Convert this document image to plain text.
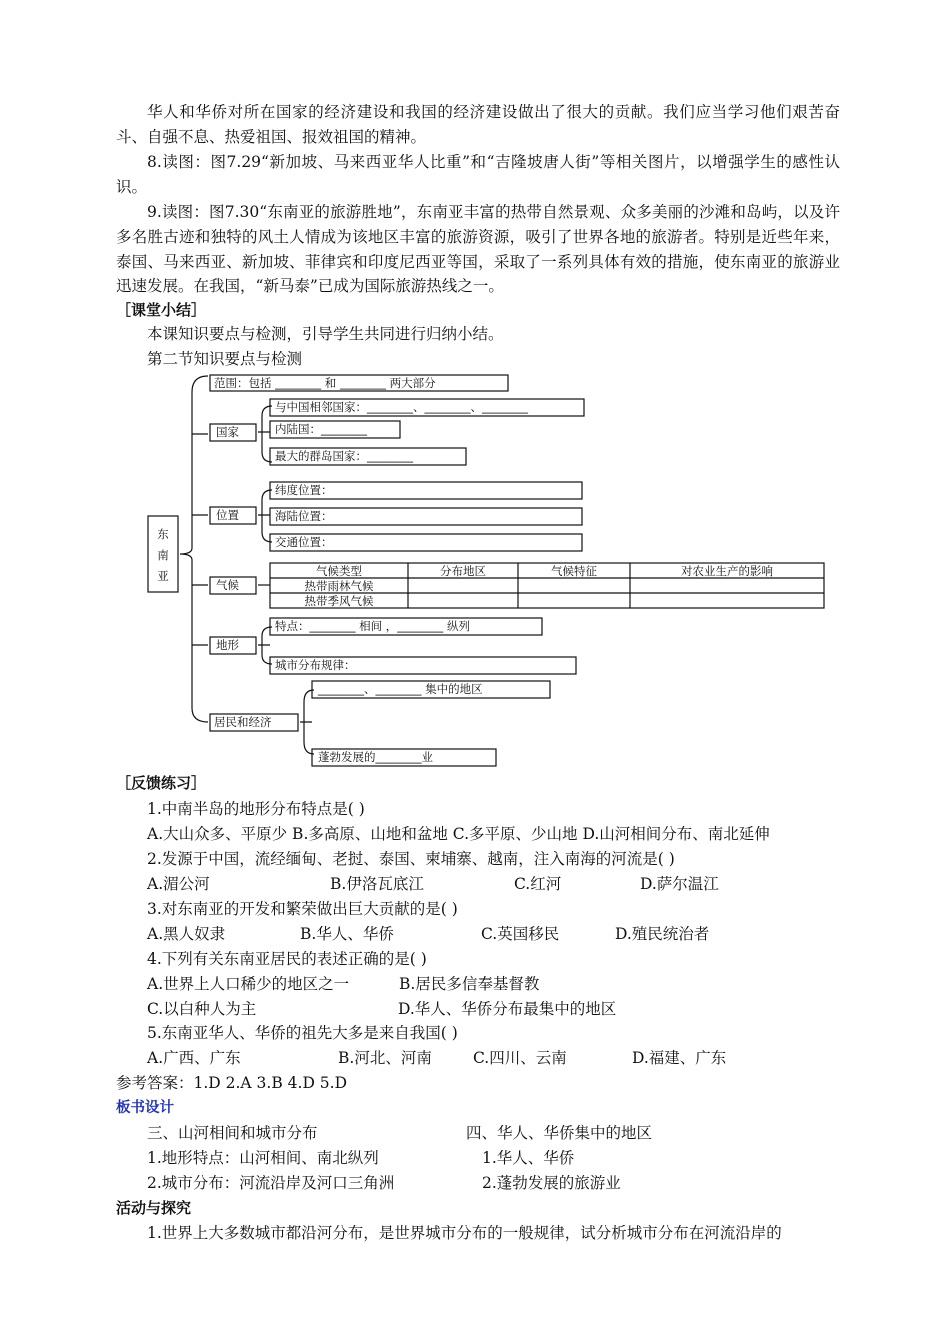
华人和华侨对所在国家的经济建设和我国的经济建设做出了很大的贡献。我们应当学习他们艰苦奋斗、自强不息、热爱祖国、报效祖国的精神。
8.读图：图7.29“新加坡、马来西亚华人比重”和“吉隆坡唐人街”等相关图片，以增强学生的感性认识。
9.读图：图7.30“东南亚的旅游胜地”，东南亚丰富的热带自然景观、众多美丽的沙滩和岛屿，以及许多名胜古迹和独特的风土人情成为该地区丰富的旅游资源，吸引了世界各地的旅游者。特别是近些年来，泰国、马来西亚、新加坡、菲律宾和印度尼西亚等国，采取了一系列具体有效的措施，使东南亚的旅游业迅速发展。在我国，“新马泰”已成为国际旅游热线之一。
［课堂小结］
本课知识要点与检测，引导学生共同进行归纳小结。
第二节知识要点与检测
东
南
亚
范围：包括 ________ 和 ________ 两大部分
国家
与中国相邻国家：________、________、________
内陆国：________
最大的群岛国家：________
位置
纬度位置：
海陆位置：
交通位置：
气候
气候类型	分布地区	气候特征	对农业生产的影响
热带雨林气候
热带季风气候
地形
特点：________ 相间 ，________ 纵列
城市分布规律：
居民和经济
________、________ 集中的地区
蓬勃发展的________业
［反馈练习］
1.中南半岛的地形分布特点是( )
A.大山众多、平原少 B.多高原、山地和盆地 C.多平原、少山地 D.山河相间分布、南北延伸
2.发源于中国，流经缅甸、老挝、泰国、柬埔寨、越南，注入南海的河流是( )
A.湄公河	B.伊洛瓦底江	C.红河	D.萨尔温江
3.对东南亚的开发和繁荣做出巨大贡献的是( )
A.黑人奴隶	B.华人、华侨	C.英国移民	D.殖民统治者
4.下列有关东南亚居民的表述正确的是( )
A.世界上人口稀少的地区之一	B.居民多信奉基督教
C.以白种人为主	D.华人、华侨分布最集中的地区
5.东南亚华人、华侨的祖先大多是来自我国( )
A.广西、广东	B.河北、河南	C.四川、云南	D.福建、广东
参考答案：1.D 2.A 3.B 4.D 5.D
板书设计
三、山河相间和城市分布	四、华人、华侨集中的地区
1.地形特点：山河相间、南北纵列	1.华人、华侨
2.城市分布：河流沿岸及河口三角洲	2.蓬勃发展的旅游业
活动与探究
1.世界上大多数城市都沿河分布，是世界城市分布的一般规律，试分析城市分布在河流沿岸的
